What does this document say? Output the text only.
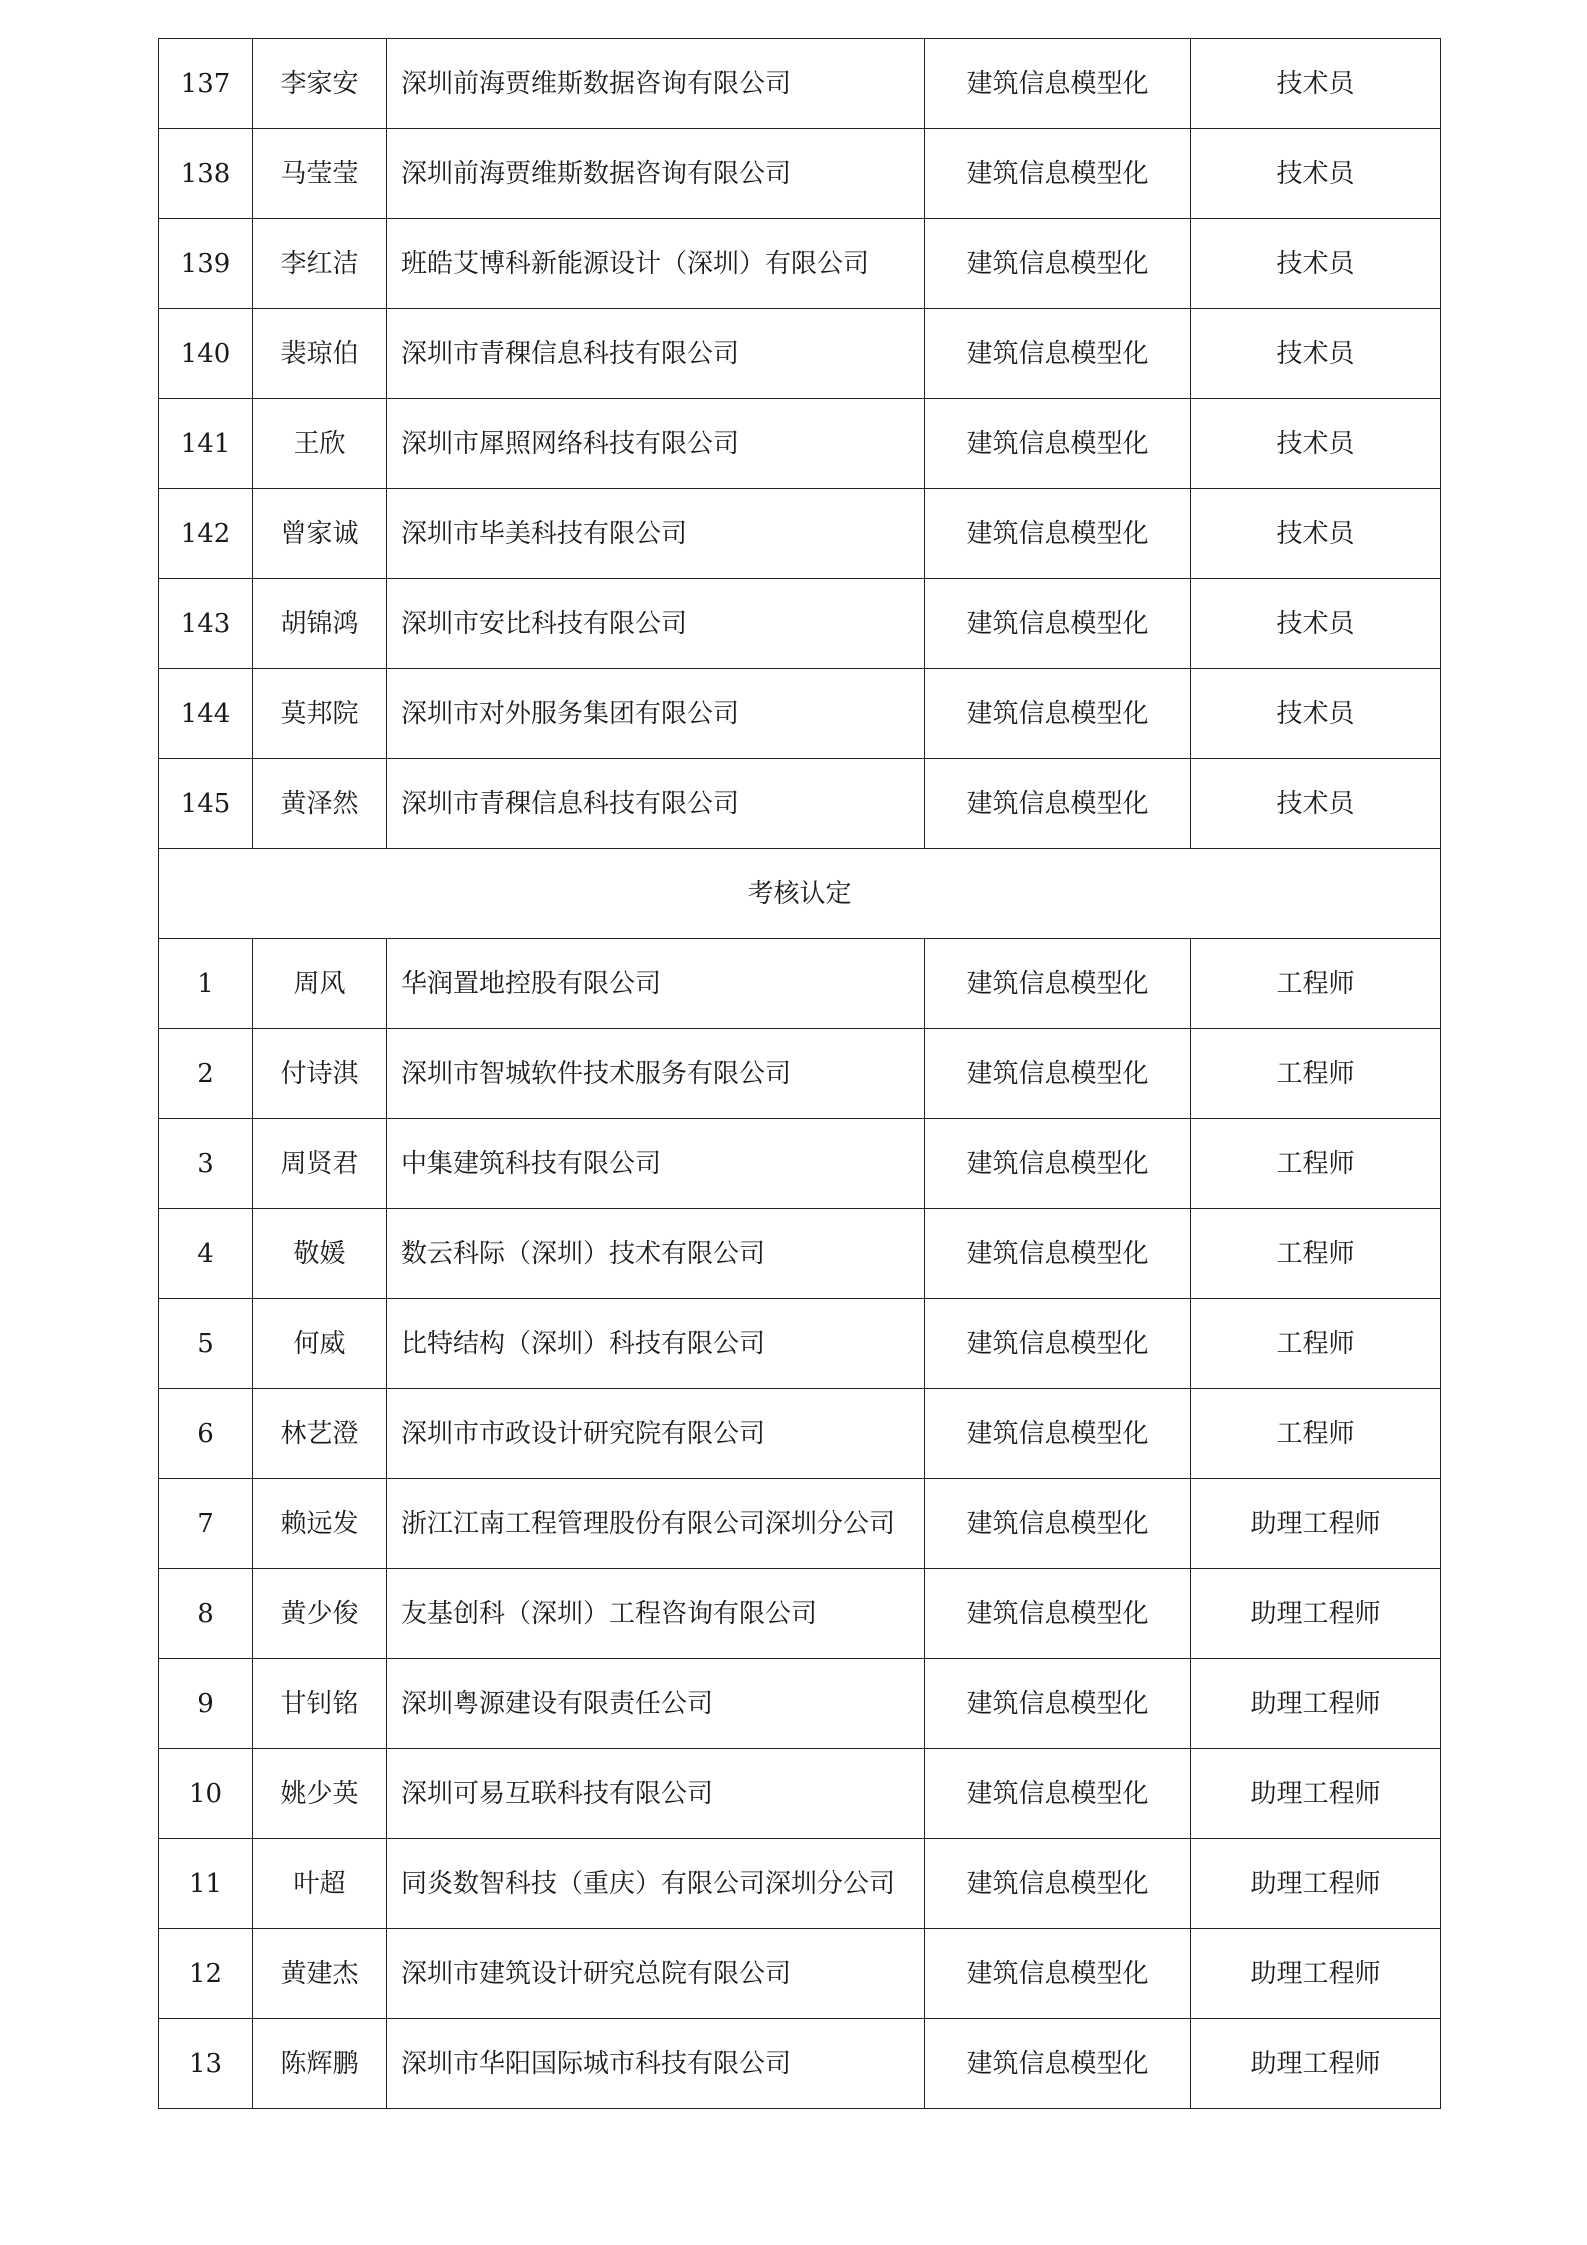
137	李家安	深圳前海贾维斯数据咨询有限公司	建筑信息模型化	技术员
138	马莹莹	深圳前海贾维斯数据咨询有限公司	建筑信息模型化	技术员
139	李红洁	班皓艾博科新能源设计（深圳）有限公司	建筑信息模型化	技术员
140	裴琼伯	深圳市青稞信息科技有限公司	建筑信息模型化	技术员
141	王欣	深圳市犀照网络科技有限公司	建筑信息模型化	技术员
142	曾家诚	深圳市毕美科技有限公司	建筑信息模型化	技术员
143	胡锦鸿	深圳市安比科技有限公司	建筑信息模型化	技术员
144	莫邦院	深圳市对外服务集团有限公司	建筑信息模型化	技术员
145	黄泽然	深圳市青稞信息科技有限公司	建筑信息模型化	技术员
考核认定				
1	周风	华润置地控股有限公司	建筑信息模型化	工程师
2	付诗淇	深圳市智城软件技术服务有限公司	建筑信息模型化	工程师
3	周贤君	中集建筑科技有限公司	建筑信息模型化	工程师
4	敬媛	数云科际（深圳）技术有限公司	建筑信息模型化	工程师
5	何威	比特结构（深圳）科技有限公司	建筑信息模型化	工程师
6	林艺澄	深圳市市政设计研究院有限公司	建筑信息模型化	工程师
7	赖远发	浙江江南工程管理股份有限公司深圳分公司	建筑信息模型化	助理工程师
8	黄少俊	友基创科（深圳）工程咨询有限公司	建筑信息模型化	助理工程师
9	甘钊铭	深圳粤源建设有限责任公司	建筑信息模型化	助理工程师
10	姚少英	深圳可易互联科技有限公司	建筑信息模型化	助理工程师
11	叶超	同炎数智科技（重庆）有限公司深圳分公司	建筑信息模型化	助理工程师
12	黄建杰	深圳市建筑设计研究总院有限公司	建筑信息模型化	助理工程师
13	陈辉鹏	深圳市华阳国际城市科技有限公司	建筑信息模型化	助理工程师
